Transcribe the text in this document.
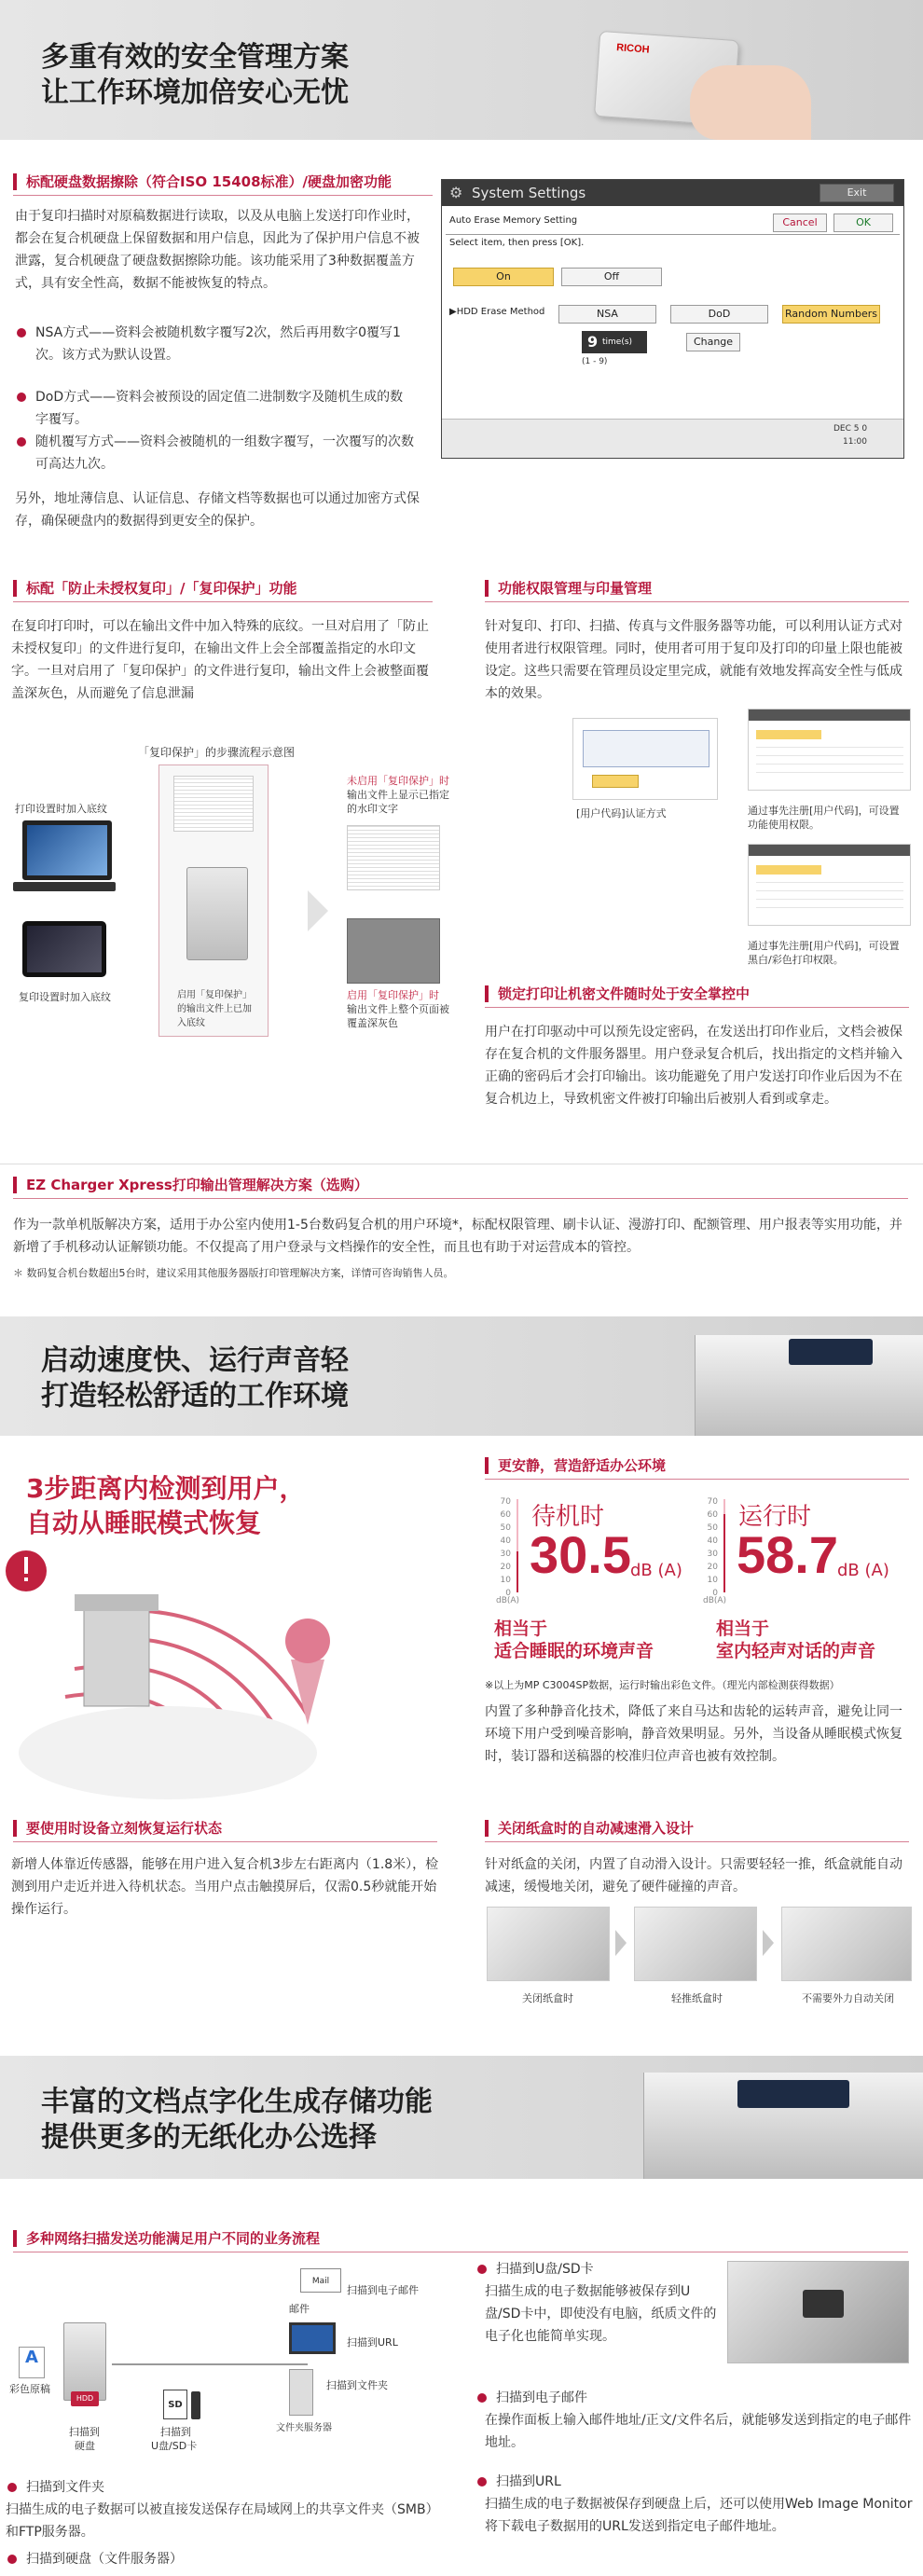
多重有效的安全管理方案
让工作环境加倍安心无忧
RICOH
标配硬盘数据擦除（符合ISO 15408标准）/硬盘加密功能
由于复印扫描时对原稿数据进行读取，以及从电脑上发送打印作业时，都会在复合机硬盘上保留数据和用户信息，因此为了保护用户信息不被泄露，复合机硬盘了硬盘数据擦除功能。该功能采用了3种数据覆盖方式，具有安全性高，数据不能被恢复的特点。
NSA方式——资料会被随机数字覆写2次，然后再用数字0覆写1次。该方式为默认设置。
DoD方式——资料会被预设的固定值二进制数字及随机生成的数字覆写。
随机覆写方式——资料会被随机的一组数字覆写，一次覆写的次数可高达九次。
另外，地址薄信息、认证信息、存储文档等数据也可以通过加密方式保存，确保硬盘内的数据得到更安全的保护。
⚙ System Settings	Exit
Auto Erase Memory Setting	Cancel	OK
Select item, then press [OK].
On	Off
▶HDD Erase Method	NSA	DoD	Random Numbers
9 time(s)	Change
(1 - 9)
DEC 5 0
11:00
标配「防止未授权复印」/「复印保护」功能
在复印打印时，可以在输出文件中加入特殊的底纹。一旦对启用了「防止未授权复印」的文件进行复印，在输出文件上会全部覆盖指定的水印文字。一旦对启用了「复印保护」的文件进行复印，输出文件上会被整面覆盖深灰色，从而避免了信息泄漏
「复印保护」的步骤流程示意图
打印设置时加入底纹
复印设置时加入底纹	启用「复印保护」的输出文件上已加入底纹
未启用「复印保护」时
输出文件上显示已指定的水印文字
启用「复印保护」时
输出文件上整个页面被覆盖深灰色
功能权限管理与印量管理
针对复印、打印、扫描、传真与文件服务器等功能，可以利用认证方式对使用者进行权限管理。同时，使用者可用于复印及打印的印量上限也能被设定。这些只需要在管理员设定里完成，就能有效地发挥高安全性与低成本的效果。
[用户代码]认证方式	通过事先注册[用户代码]，可设置功能使用权限。
通过事先注册[用户代码]，可设置黑白/彩色打印权限。
锁定打印让机密文件随时处于安全掌控中
用户在打印驱动中可以预先设定密码，在发送出打印作业后，文档会被保存在复合机的文件服务器里。用户登录复合机后，找出指定的文档并输入正确的密码后才会打印输出。该功能避免了用户发送打印作业后因为不在复合机边上，导致机密文件被打印输出后被别人看到或拿走。
EZ Charger Xpress打印输出管理解决方案（选购）
作为一款单机版解决方案，适用于办公室内使用1-5台数码复合机的用户环境*，标配权限管理、刷卡认证、漫游打印、配额管理、用户报表等实用功能，并新增了手机移动认证解锁功能。不仅提高了用户登录与文档操作的安全性，而且也有助于对运营成本的管控。
＊ 数码复合机台数超出5台时，建议采用其他服务器版打印管理解决方案，详情可咨询销售人员。
启动速度快、运行声音轻
打造轻松舒适的工作环境
3步距离内检测到用户，
自动从睡眠模式恢复
要使用时设备立刻恢复运行状态
新增人体靠近传感器，能够在用户进入复合机3步左右距离内（1.8米），检测到用户走近并进入待机状态。当用户点击触摸屏后，仅需0.5秒就能开始操作运行。
更安静，营造舒适办公环境
70
60
50
40
30
20
10
0
dB(A)
待机时
30.5 dB (A)
70
60
50
40
30
20
10
0
dB(A)
运行时
58.7 dB (A)
相当于
适合睡眠的环境声音
相当于
室内轻声对话的声音
※以上为MP C3004SP数据，运行时输出彩色文件。（理光内部检测获得数据）
内置了多种静音化技术，降低了来自马达和齿轮的运转声音，避免让同一环境下用户受到噪音影响，静音效果明显。另外，当设备从睡眠模式恢复时，装订器和送稿器的校准归位声音也被有效控制。
关闭纸盒时的自动减速滑入设计
针对纸盒的关闭，内置了自动滑入设计。只需要轻轻一推，纸盒就能自动减速，缓慢地关闭，避免了硬件碰撞的声音。
关闭纸盒时	轻推纸盒时	不需要外力自动关闭
丰富的文档点字化生成存储功能
提供更多的无纸化办公选择
多种网络扫描发送功能满足用户不同的业务流程
A
彩色原稿
HDD
扫描到
硬盘
SD
扫描到
U盘/SD卡
Mail
邮件
扫描到电子邮件
扫描到URL
扫描到文件夹
文件夹服务器
扫描到文件夹
扫描生成的电子数据可以被直接发送保存在局域网上的共享文件夹（SMB）和FTP服务器。
扫描到硬盘（文件服务器）
扫描到U盘/SD卡
扫描生成的电子数据能够被保存到U盘/SD卡中，即使没有电脑，纸质文件的电子化也能简单实现。
扫描到电子邮件
在操作面板上输入邮件地址/正文/文件名后，就能够发送到指定的电子邮件地址。
扫描到URL
扫描生成的电子数据被保存到硬盘上后，还可以使用Web Image Monitor将下载电子数据用的URL发送到指定电子邮件地址。
